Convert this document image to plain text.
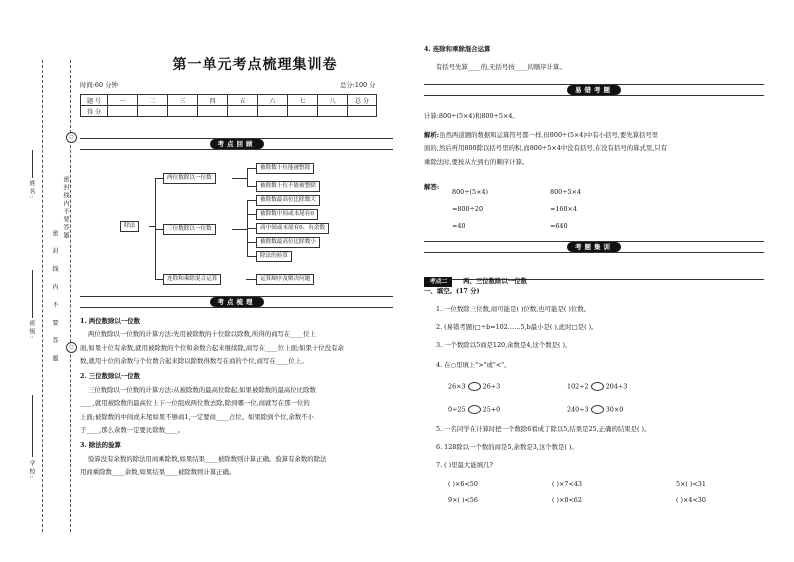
○
○
密封线内不要答题
密 封 线 内 不 要 答 题
姓名:
班级:
学校:
第一单元考点梳理集训卷
时间:60 分钟	总分:100 分
题 号	一	二	三	四	五	六	七	八	总 分
得 分									
考点回顾
除法
两位数除以一位数
被除数十位能被整除
被除数十位不能被整除
三位数除以一位数
被除数最高位比除数大
被除数中间或末尾有0
商中间或末尾有0、有余数
被除数最高位比除数小
除法的验算
连除和乘除混合运算	运算顺序及解决问题
考点梳理
1. 两位数除以一位数
两位数除以一位数的计算方法:先用被除数的十位除以除数,所得的商写在____位上
面,如果十位有余数,就用被除数的个位和余数合起来继续除,商写在____位上面;如果十位没有余
数,就用十位的余数与个位数合起来除以除数得数写在商的个位,商写在____位上。
2. 三位数除以一位数
三位数除以一位数的计算方法:从被除数的最高位除起,如果被除数的最高位比除数
____,就用被除数的最高位上下一位组成两位数去除,除到哪一位,商就写在那一位的
上面;被除数的中间或末尾如果不够商1,一定要商____占位。如果除到个位,余数不小
于____,那么余数一定要比除数____。
3. 除法的验算
验算没有余数的除法用商乘除数,如果结果____被除数则计算正确。验算有余数的除法
用商乘除数____余数,如果结果____被除数则计算正确。
4. 连除和乘除混合运算
有括号先算____的,无括号按____的顺序计算。
易错考题
计算:800÷(5×4)和800÷5×4。
解析:虽然两道题的数据和运算符号都一样,但800÷(5×4)中有小括号,要先算括号里
面的,然后再用800除以括号里的积,而800÷5×4中没有括号,在没有括号的算式里,只有
乘除法时,要按从左到右的顺序计算。
解答:
800÷(5×4)
=800÷20
=40
800÷5×4
=160×4
=640
考题集训
考点二	两、三位数除以一位数
一、填空。(17 分)
1. 一位数除三位数,商可能是( )位数,也可能是( )位数。
2. (易错考题)□÷b=102……5,b最小是( ),此时□是( )。
3. 一个数除以5商是120,余数是4,这个数是( )。
4. 在○里填上">"或"<"。
26×3	26÷3	102÷2	204÷3
0÷25	25+0	240÷3	30×0
5. 一名同学在计算时把一个数除6看成了除以5,结果是25,正确的结果是( )。
6. 128除以一个数的商是5,余数是3,这个数是( )。
7. ( )里最大能填几?
( )×6<50	( )×7<43	5×( )<31
9×( )<56	( )×8<62	( )×4<30
